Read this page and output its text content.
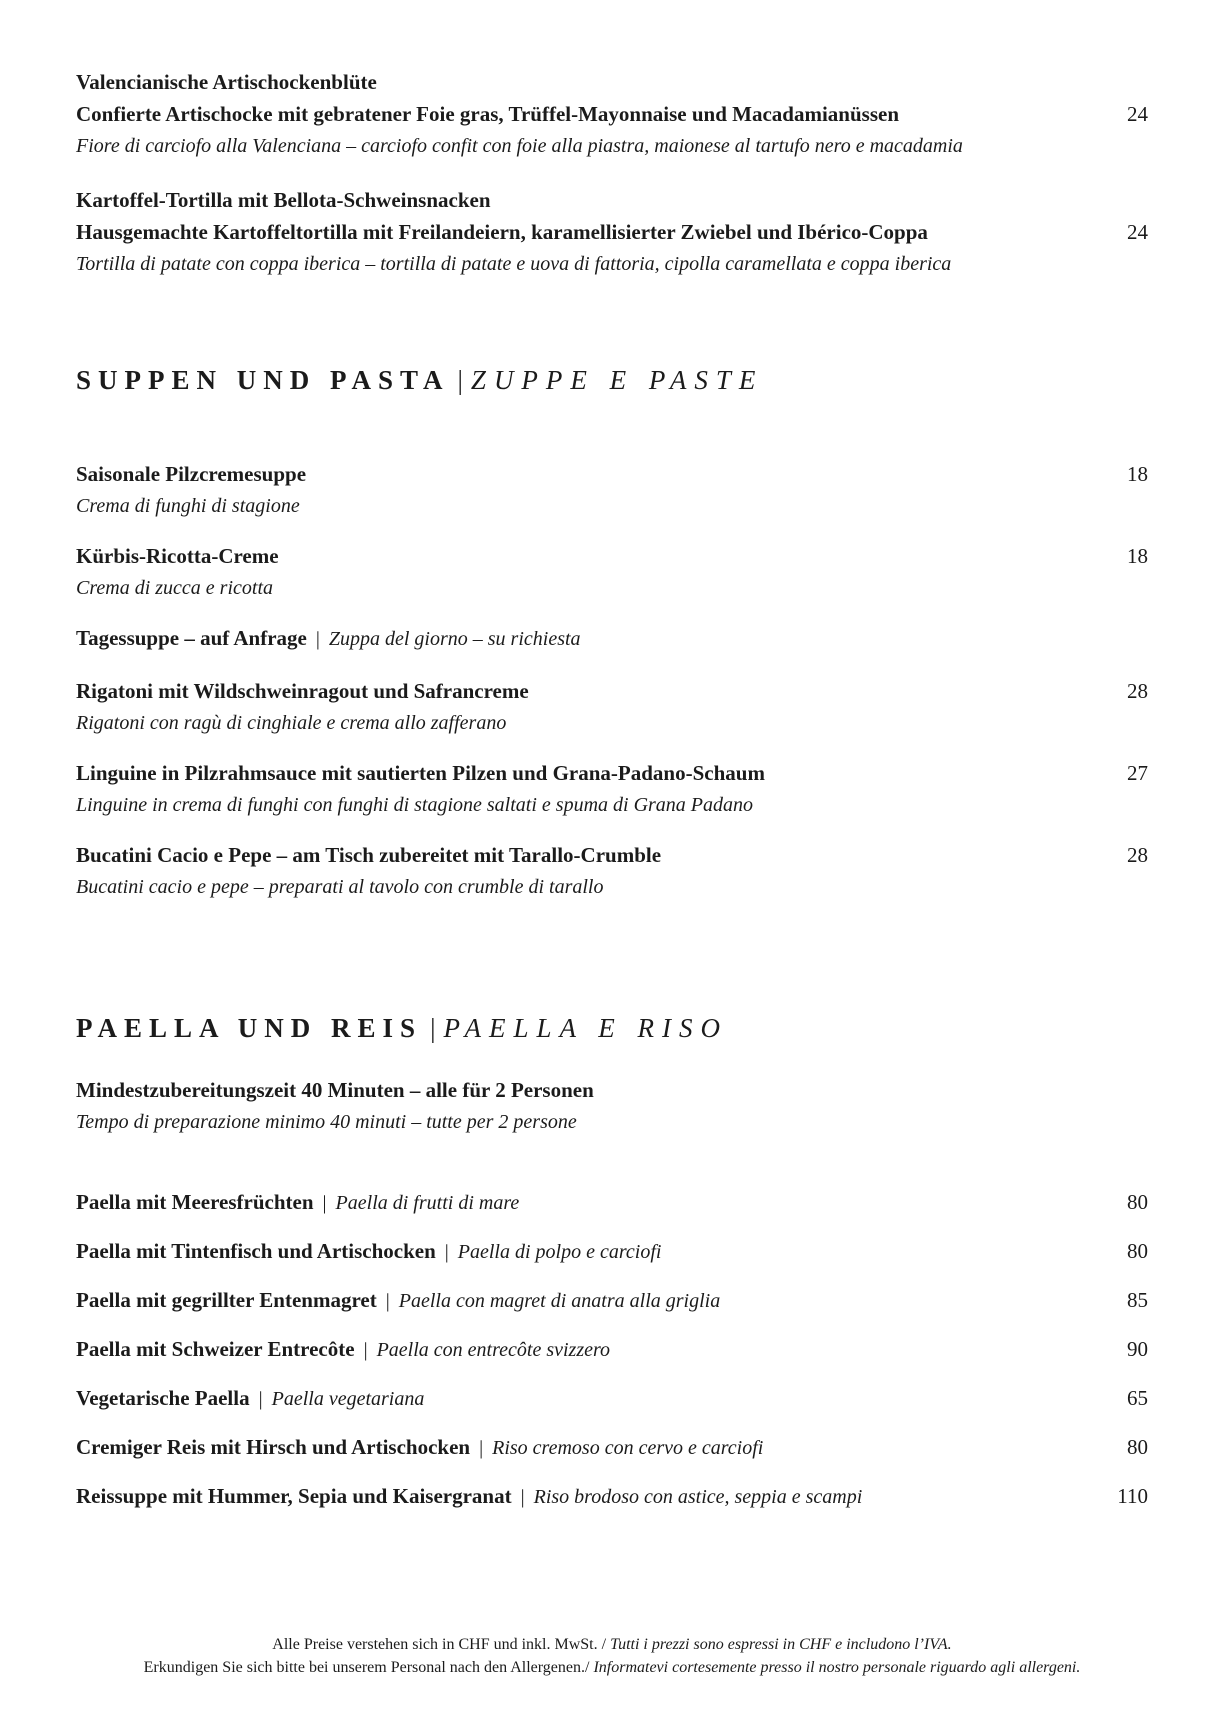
Valencianische Artischockenblüte
Confierte Artischocke mit gebratener Foie gras, Trüffel-Mayonnaise und Macadamianüssen	24
Fiore di carciofo alla Valenciana – carciofo confit con foie alla piastra, maionese al tartufo nero e macadamia
Kartoffel-Tortilla mit Bellota-Schweinsnacken
Hausgemachte Kartoffeltortilla mit Freilandeiern, karamellisierter Zwiebel und Ibérico-Coppa	24
Tortilla di patate con coppa iberica – tortilla di patate e uova di fattoria, cipolla caramellata e coppa iberica
SUPPEN UND PASTA | ZUPPE E PASTE
Saisonale Pilzcremesuppe	18
Crema di funghi di stagione
Kürbis-Ricotta-Creme	18
Crema di zucca e ricotta
Tagessuppe – auf Anfrage | Zuppa del giorno – su richiesta
Rigatoni mit Wildschweinragout und Safrancreme	28
Rigatoni con ragù di cinghiale e crema allo zafferano
Linguine in Pilzrahmsauce mit sautierten Pilzen und Grana-Padano-Schaum	27
Linguine in crema di funghi con funghi di stagione saltati e spuma di Grana Padano
Bucatini Cacio e Pepe – am Tisch zubereitet mit Tarallo-Crumble	28
Bucatini cacio e pepe – preparati al tavolo con crumble di tarallo
PAELLA UND REIS | PAELLA E RISO
Mindestzubereitungszeit 40 Minuten – alle für 2 Personen
Tempo di preparazione minimo 40 minuti – tutte per 2 persone
Paella mit Meeresfrüchten | Paella di frutti di mare	80
Paella mit Tintenfisch und Artischocken | Paella di polpo e carciofi	80
Paella mit gegrillter Entenmagret | Paella con magret di anatra alla griglia	85
Paella mit Schweizer Entrecôte | Paella con entrecôte svizzero	90
Vegetarische Paella | Paella vegetariana	65
Cremiger Reis mit Hirsch und Artischocken | Riso cremoso con cervo e carciofi	80
Reissuppe mit Hummer, Sepia und Kaisergranat | Riso brodoso con astice, seppia e scampi	110
Alle Preise verstehen sich in CHF und inkl. MwSt. / Tutti i prezzi sono espressi in CHF e includono l’IVA.
Erkundigen Sie sich bitte bei unserem Personal nach den Allergenen./ Informatevi cortesemente presso il nostro personale riguardo agli allergeni.
